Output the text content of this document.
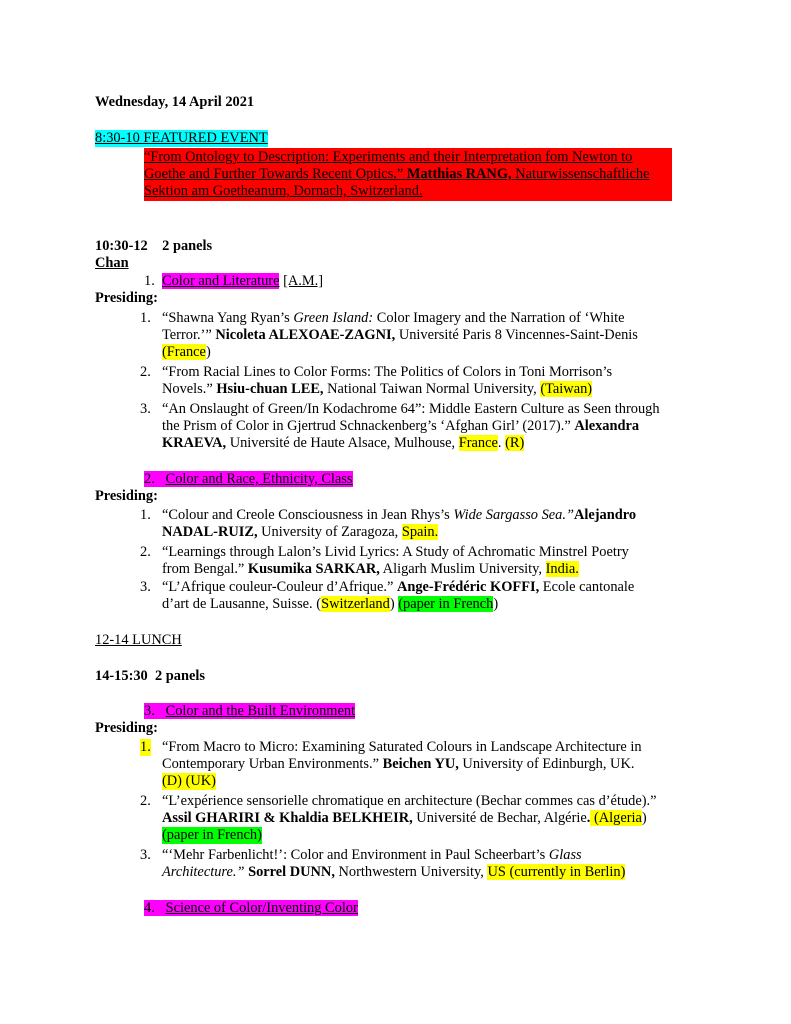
Wednesday, 14 April 2021
8:30-10 FEATURED EVENT
“From Ontology to Description: Experiments and their Interpretation fom Newton to
Goethe and Further Towards Recent Optics.” Matthias RANG, Naturwissenschaftliche
Sektion am Goetheanum, Dornach, Switzerland.
10:30-12 2 panels
Chan
1. Color and Literature [A.M.]
Presiding:
1. “Shawna Yang Ryan’s Green Island: Color Imagery and the Narration of ‘White
Terror.’” Nicoleta ALEXOAE-ZAGNI, Université Paris 8 Vincennes-Saint-Denis
(France)
2. “From Racial Lines to Color Forms: The Politics of Colors in Toni Morrison’s
Novels.” Hsiu-chuan LEE, National Taiwan Normal University, (Taiwan)
3. “An Onslaught of Green/In Kodachrome 64”: Middle Eastern Culture as Seen through
the Prism of Color in Gjertrud Schnackenberg’s ‘Afghan Girl’ (2017).” Alexandra
KRAEVA, Université de Haute Alsace, Mulhouse, France. (R)
2. Color and Race, Ethnicity, Class
Presiding:
1. “Colour and Creole Consciousness in Jean Rhys’s Wide Sargasso Sea.”Alejandro
NADAL-RUIZ, University of Zaragoza, Spain.
2. “Learnings through Lalon’s Livid Lyrics: A Study of Achromatic Minstrel Poetry
from Bengal.” Kusumika SARKAR, Aligarh Muslim University, India.
3. “L’Afrique couleur-Couleur d’Afrique.” Ange-Frédéric KOFFI, Ecole cantonale
d’art de Lausanne, Suisse. (Switzerland) (paper in French)
12-14 LUNCH
14-15:30 2 panels
3. Color and the Built Environment
Presiding:
1. “From Macro to Micro: Examining Saturated Colours in Landscape Architecture in
Contemporary Urban Environments.” Beichen YU, University of Edinburgh, UK.
(D) (UK)
2. “L’expérience sensorielle chromatique en architecture (Bechar commes cas d’étude).”
Assil GHARIRI & Khaldia BELKHEIR, Université de Bechar, Algérie. (Algeria)
(paper in French)
3. “‘Mehr Farbenlicht!’: Color and Environment in Paul Scheerbart’s Glass
Architecture.” Sorrel DUNN, Northwestern University, US (currently in Berlin)
4. Science of Color/Inventing Color
